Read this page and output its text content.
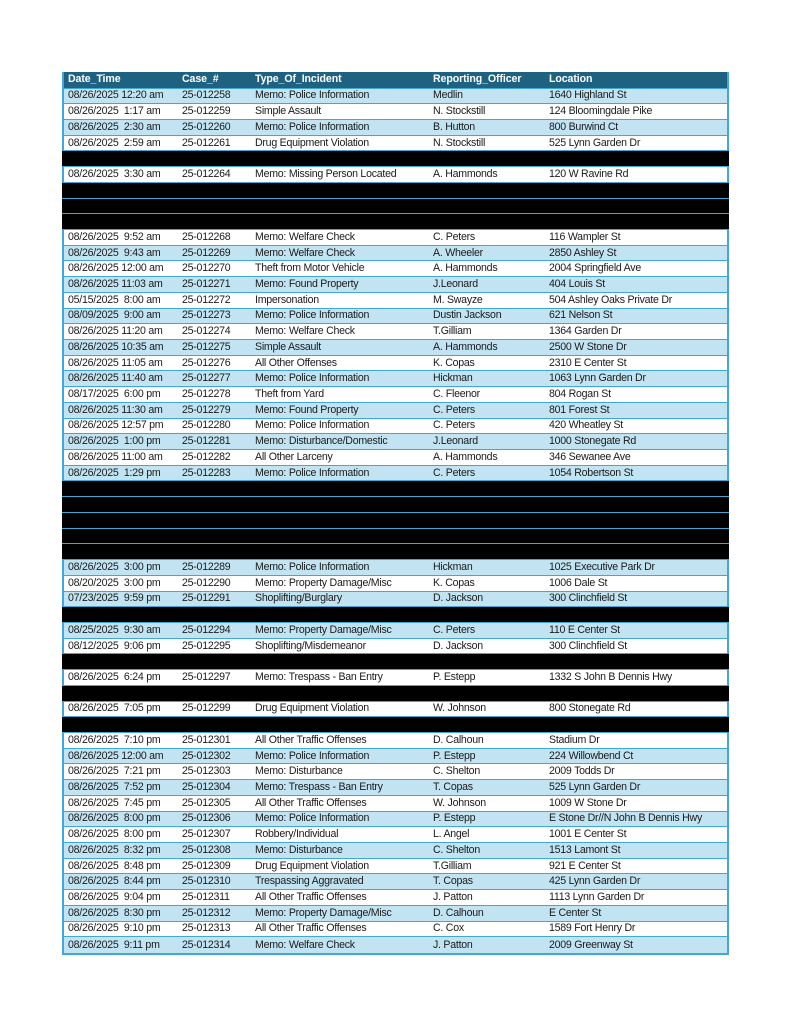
Date_Time	Case_#	Type_Of_Incident	Reporting_Officer	Location
08/26/2025 12:20 am	25-012258	Memo: Police Information	Medlin	1640 Highland St
08/26/2025  1:17 am	25-012259	Simple Assault	N. Stockstill	124 Bloomingdale Pike
08/26/2025  2:30 am	25-012260	Memo: Police Information	B. Hutton	800 Burwind Ct
08/26/2025  2:59 am	25-012261	Drug Equipment Violation	N. Stockstill	525 Lynn Garden Dr
08/26/2025  3:30 am	25-012264	Memo: Missing Person Located	A. Hammonds	120 W Ravine Rd
08/26/2025  9:52 am	25-012268	Memo: Welfare Check	C. Peters	116 Wampler St
08/26/2025  9:43 am	25-012269	Memo: Welfare Check	A. Wheeler	2850 Ashley St
08/26/2025 12:00 am	25-012270	Theft from Motor Vehicle	A. Hammonds	2004 Springfield Ave
08/26/2025 11:03 am	25-012271	Memo: Found Property	J.Leonard	404 Louis St
05/15/2025  8:00 am	25-012272	Impersonation	M. Swayze	504 Ashley Oaks Private Dr
08/09/2025  9:00 am	25-012273	Memo: Police Information	Dustin Jackson	621 Nelson St
08/26/2025 11:20 am	25-012274	Memo: Welfare Check	T.Gilliam	1364 Garden Dr
08/26/2025 10:35 am	25-012275	Simple Assault	A. Hammonds	2500 W Stone Dr
08/26/2025 11:05 am	25-012276	All Other Offenses	K. Copas	2310 E Center St
08/26/2025 11:40 am	25-012277	Memo: Police Information	Hickman	1063 Lynn Garden Dr
08/17/2025  6:00 pm	25-012278	Theft from Yard	C. Fleenor	804 Rogan St
08/26/2025 11:30 am	25-012279	Memo: Found Property	C. Peters	801 Forest St
08/26/2025 12:57 pm	25-012280	Memo: Police Information	C. Peters	420 Wheatley St
08/26/2025  1:00 pm	25-012281	Memo: Disturbance/Domestic	J.Leonard	1000 Stonegate Rd
08/26/2025 11:00 am	25-012282	All Other Larceny	A. Hammonds	346 Sewanee Ave
08/26/2025  1:29 pm	25-012283	Memo: Police Information	C. Peters	1054 Robertson St
08/26/2025  3:00 pm	25-012289	Memo: Police Information	Hickman	1025 Executive Park Dr
08/20/2025  3:00 pm	25-012290	Memo: Property Damage/Misc	K. Copas	1006 Dale St
07/23/2025  9:59 pm	25-012291	Shoplifting/Burglary	D. Jackson	300 Clinchfield St
08/25/2025  9:30 am	25-012294	Memo: Property Damage/Misc	C. Peters	110 E Center St
08/12/2025  9:06 pm	25-012295	Shoplifting/Misdemeanor	D. Jackson	300 Clinchfield St
08/26/2025  6:24 pm	25-012297	Memo: Trespass - Ban Entry	P. Estepp	1332 S John B Dennis Hwy
08/26/2025  7:05 pm	25-012299	Drug Equipment Violation	W. Johnson	800 Stonegate Rd
08/26/2025  7:10 pm	25-012301	All Other Traffic Offenses	D. Calhoun	Stadium Dr
08/26/2025 12:00 am	25-012302	Memo: Police Information	P. Estepp	224 Willowbend Ct
08/26/2025  7:21 pm	25-012303	Memo: Disturbance	C. Shelton	2009 Todds Dr
08/26/2025  7:52 pm	25-012304	Memo: Trespass - Ban Entry	T. Copas	525 Lynn Garden Dr
08/26/2025  7:45 pm	25-012305	All Other Traffic Offenses	W. Johnson	1009 W Stone Dr
08/26/2025  8:00 pm	25-012306	Memo: Police Information	P. Estepp	E Stone Dr//N John B Dennis Hwy
08/26/2025  8:00 pm	25-012307	Robbery/Individual	L. Angel	1001 E Center St
08/26/2025  8:32 pm	25-012308	Memo: Disturbance	C. Shelton	1513 Lamont St
08/26/2025  8:48 pm	25-012309	Drug Equipment Violation	T.Gilliam	921 E Center St
08/26/2025  8:44 pm	25-012310	Trespassing Aggravated	T. Copas	425 Lynn Garden Dr
08/26/2025  9:04 pm	25-012311	All Other Traffic Offenses	J. Patton	1113 Lynn Garden Dr
08/26/2025  8:30 pm	25-012312	Memo: Property Damage/Misc	D. Calhoun	E Center St
08/26/2025  9:10 pm	25-012313	All Other Traffic Offenses	C. Cox	1589 Fort Henry Dr
08/26/2025  9:11 pm	25-012314	Memo: Welfare Check	J. Patton	2009 Greenway St
